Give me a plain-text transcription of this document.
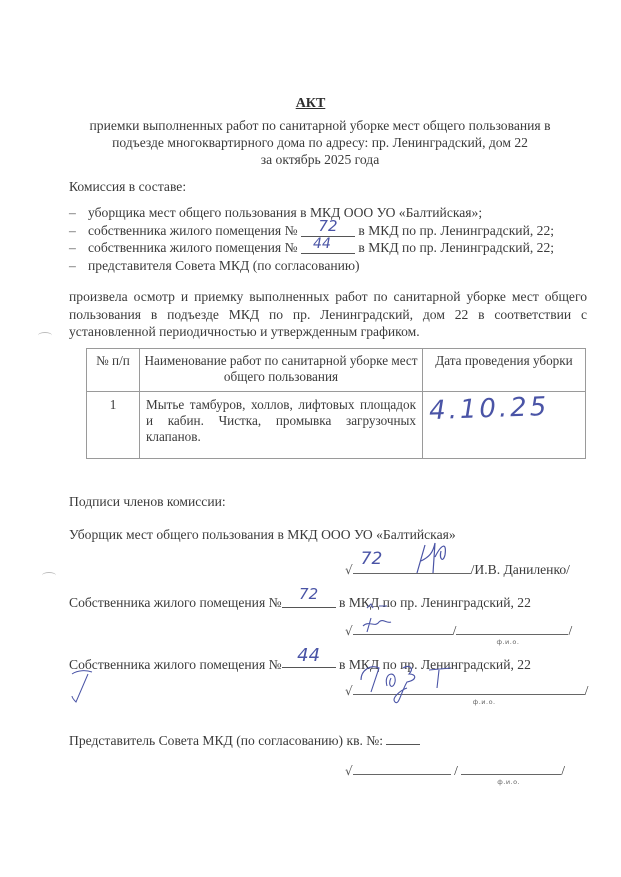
АКТ
приемки выполненных работ по санитарной уборке мест общего пользования в
подъезде многоквартирного дома по адресу: пр. Ленинградский, дом 22
за октябрь 2025 года
Комиссия в составе:
– уборщика мест общего пользования в МКД ООО УО «Балтийская»;
– собственника жилого помещения № 72 в МКД по пр. Ленинградский, 22;
– собственника жилого помещения № 44 в МКД по пр. Ленинградский, 22;
– представителя Совета МКД (по согласованию)
произвела осмотр и приемку выполненных работ по санитарной уборке мест общего пользования в подъезде МКД по пр. Ленинградский, дом 22 в соответствии с установленной периодичностью и утвержденным графиком.
№ п/п	Наименование работ по санитарной уборке мест общего пользования	Дата проведения уборки
1	Мытье тамбуров, холлов, лифтовых площадок и кабин. Чистка, промывка загрузочных клапанов.	4.10.25
Подписи членов комиссии:
Уборщик мест общего пользования в МКД ООО УО «Балтийская»
√
72
/И.В. Даниленко/
Собственника жилого помещения № 72 в МКД по пр. Ленинградский, 22
√	/
ф.и.о.
/
Собственника жилого помещения № 44 в МКД по пр. Ленинградский, 22
√
ф.и.о.
/
Представитель Совета МКД (по согласованию) кв. №:
√	/
ф.и.о.
/
